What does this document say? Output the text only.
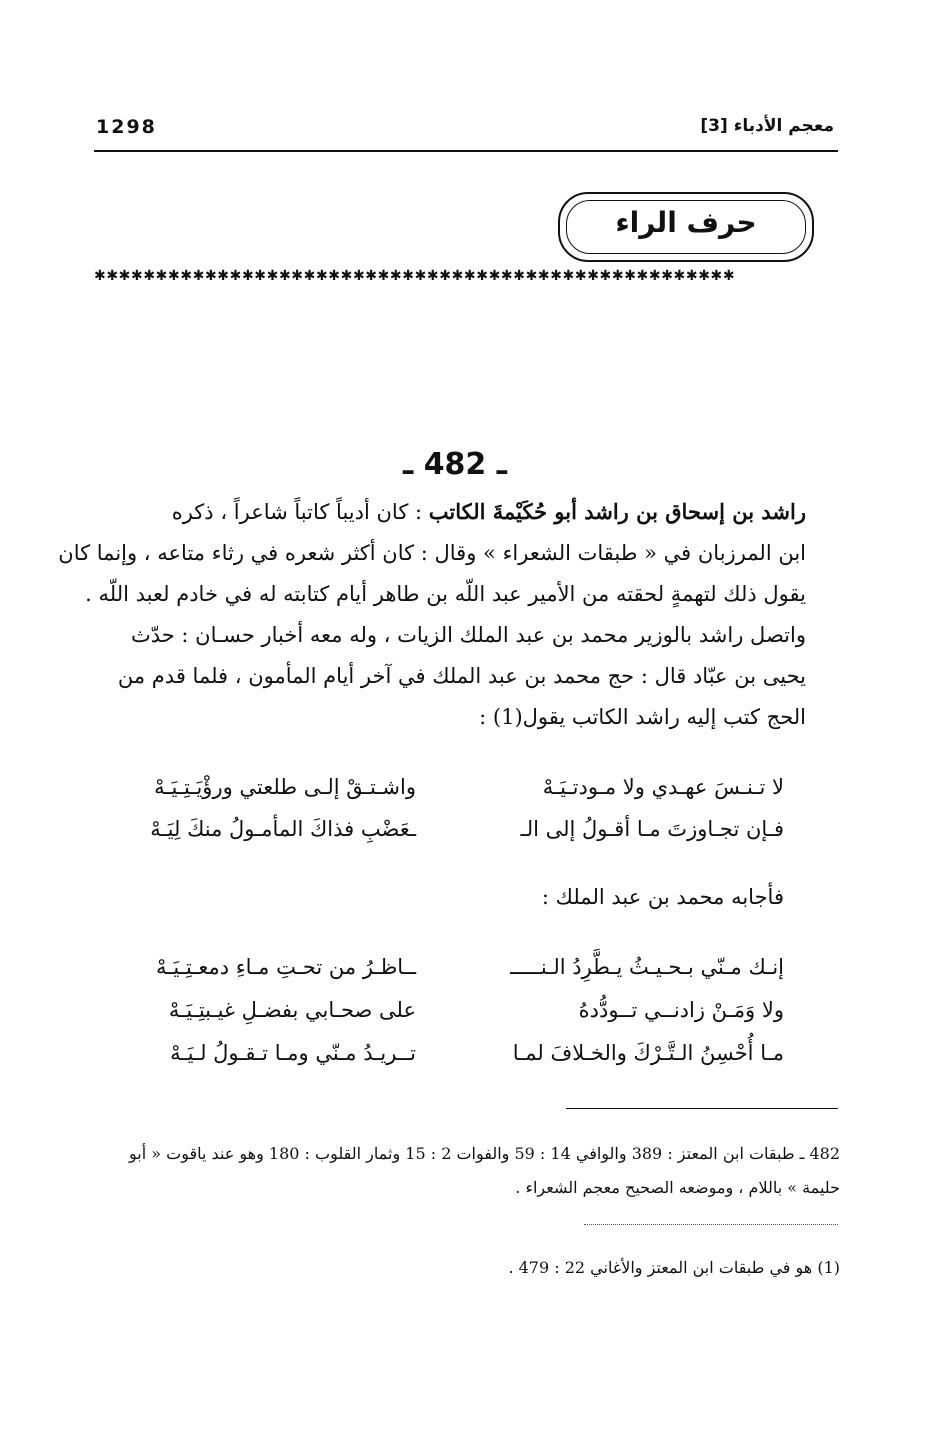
1298	معجم الأدباء [3]
حرف الراء
✱✱✱✱✱✱✱✱✱✱✱✱✱✱✱✱✱✱✱✱✱✱✱✱✱✱✱✱✱✱✱✱✱✱✱✱✱✱✱✱✱✱✱✱✱✱✱✱✱✱✱✱
ـ 482 ـ
راشد بن إسحاق بن راشد أبو حُكَيْمةَ الكاتب : كان أديباً كاتباً شاعراً ، ذكره
ابن المرزبان في « طبقات الشعراء » وقال : كان أكثر شعره في رثاء متاعه ، وإنما كان
يقول ذلك لتهمةٍ لحقته من الأمير عبد اللّه بن طاهر أيام كتابته له في خادم لعبد اللّه .
واتصل راشد بالوزير محمد بن عبد الملك الزيات ، وله معه أخبار حسـان : حدّث
يحيى بن عبّاد قال : حج محمد بن عبد الملك في آخر أيام المأمون ، فلما قدم من
الحج كتب إليه راشد الكاتب يقول(1) :
لا تـنـسَ عهـدي ولا مـودتـيَـهْ
واشـتـقْ إلـى طلعتي ورؤْيَـتِـيَـهْ
فـإن تجـاوزتَ مـا أقـولُ إلى الـ
ـعَضْبِ فذاكَ المأمـولُ منكَ لِيَـهْ
فأجابه محمد بن عبد الملك :
إنـك مـنّي بـحـيـثُ يـطَّرِدُ الـنـــــ
ــاظـرُ من تحـتِ مـاءِ دمعـتِـيَـهْ
ولا وَمَـنْ زادنــي تــودُّدهُ
على صحـابي بفضـلِ غيـبتِـيَـهْ
مـا أُحْسِنُ الـتَّـرْكَ والخـلافَ لمـا
تــريـدُ مـنّي ومـا تـقـولُ لـيَـهْ
482 ـ طبقات ابن المعتز : 389 والوافي 14 : 59 والفوات 2 : 15 وثمار القلوب : 180 وهو عند ياقوت « أبو
حليمة » باللام ، وموضعه الصحيح معجم الشعراء .
(1) هو في طبقات ابن المعتز والأغاني 22 : 479 .
